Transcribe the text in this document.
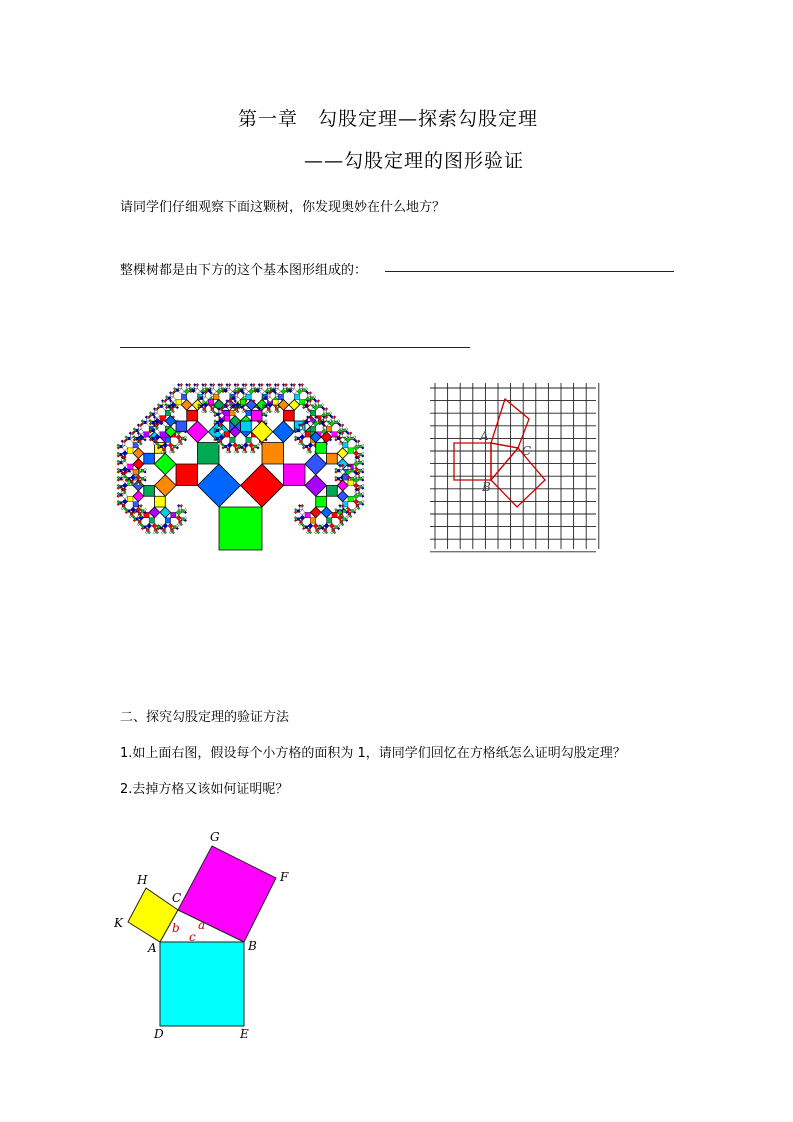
第一章　勾股定理—探索勾股定理
——勾股定理的图形验证
请同学们仔细观察下面这颗树，你发现奥妙在什么地方？
整棵树都是由下方的这个基本图形组成的：
A
B
C
二、探究勾股定理的验证方法
1.如上面右图，假设每个小方格的面积为 1，请同学们回忆在方格纸怎么证明勾股定理？
2.去掉方格又该如何证明呢？
G
F
H
C
K
A	B
D	E
b a
c
